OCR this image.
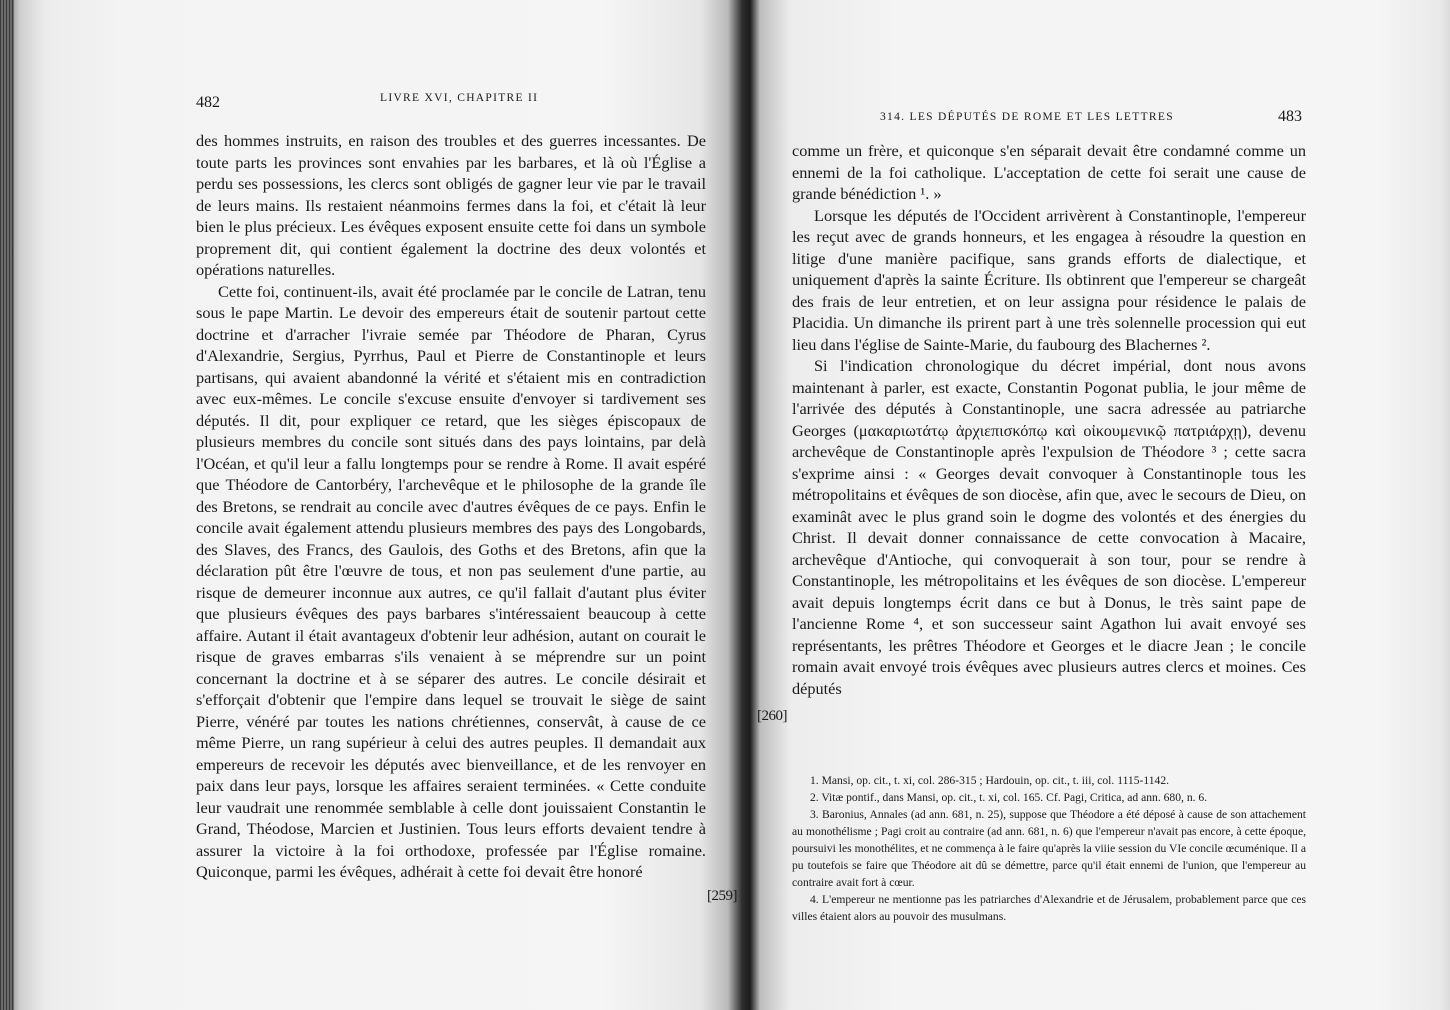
482	LIVRE XVI, CHAPITRE II

des hommes instruits, en raison des troubles et des guerres incessantes. De toute parts les provinces sont envahies par les barbares, et là où l'Église a perdu ses possessions, les clercs sont obligés de gagner leur vie par le travail de leurs mains. Ils restaient néanmoins fermes dans la foi, et c'était là leur bien le plus précieux. Les évêques exposent ensuite cette foi dans un symbole proprement dit, qui contient également la doctrine des deux volontés et opérations naturelles.

Cette foi, continuent-ils, avait été proclamée par le concile de Latran, tenu sous le pape Martin. Le devoir des empereurs était de soutenir partout cette doctrine et d'arracher l'ivraie semée par Théodore de Pharan, Cyrus d'Alexandrie, Sergius, Pyrrhus, Paul et Pierre de Constantinople et leurs partisans, qui avaient abandonné la vérité et s'étaient mis en contradiction avec eux-mêmes. Le concile s'excuse ensuite d'envoyer si tardivement ses députés. Il dit, pour expliquer ce retard, que les sièges épiscopaux de plusieurs membres du concile sont situés dans des pays lointains, par delà l'Océan, et qu'il leur a fallu longtemps pour se rendre à Rome. Il avait espéré que Théodore de Cantorbéry, l'archevêque et le philosophe de la grande île des Bretons, se rendrait au concile avec d'autres évêques de ce pays. Enfin le concile avait également attendu plusieurs membres des pays des Longobards, des Slaves, des Francs, des Gaulois, des Goths et des Bretons, afin que la déclaration pût être l'œuvre de tous, et non pas seulement d'une partie, au risque de demeurer inconnue aux autres, ce qu'il fallait d'autant plus éviter que plusieurs évêques des pays barbares s'intéressaient beaucoup à cette affaire. Autant il était avantageux d'obtenir leur adhésion, autant on courait le risque de graves embarras s'ils venaient à se méprendre sur un point concernant la doctrine et à se séparer des autres. Le concile désirait et s'efforçait d'obtenir que l'empire dans lequel se trouvait le siège de saint Pierre, vénéré par toutes les nations chrétiennes, conservât, à cause de ce même Pierre, un rang supérieur à celui des autres peuples. Il demandait aux empereurs de recevoir les députés avec bienveillance, et de les renvoyer en paix dans leur pays, lorsque les affaires seraient terminées. « Cette conduite leur vaudrait une renommée semblable à celle dont jouissaient Constantin le Grand, Théodose, Marcien et Justinien. Tous leurs efforts devaient tendre à assurer la victoire à la foi orthodoxe, professée par l'Église romaine. Quiconque, parmi les évêques, adhérait à cette foi devait être honoré

[259]
314. LES DÉPUTÉS DE ROME ET LES LETTRES	483

comme un frère, et quiconque s'en séparait devait être condamné comme un ennemi de la foi catholique. L'acceptation de cette foi serait une cause de grande bénédiction ¹. »

Lorsque les députés de l'Occident arrivèrent à Constantinople, l'empereur les reçut avec de grands honneurs, et les engagea à résoudre la question en litige d'une manière pacifique, sans grands efforts de dialectique, et uniquement d'après la sainte Écriture. Ils obtinrent que l'empereur se chargeât des frais de leur entretien, et on leur assigna pour résidence le palais de Placidia. Un dimanche ils prirent part à une très solennelle procession qui eut lieu dans l'église de Sainte-Marie, du faubourg des Blachernes ².

Si l'indication chronologique du décret impérial, dont nous avons maintenant à parler, est exacte, Constantin Pogonat publia, le jour même de l'arrivée des députés à Constantinople, une sacra adressée au patriarche Georges (μακαριωτάτῳ ἀρχιεπισκόπῳ καὶ οἰκουμενικῷ πατριάρχῃ), devenu archevêque de Constantinople après l'expulsion de Théodore ³ ; cette sacra s'exprime ainsi : « Georges devait convoquer à Constantinople tous les métropolitains et évêques de son diocèse, afin que, avec le secours de Dieu, on examinât avec le plus grand soin le dogme des volontés et des énergies du Christ. Il devait donner connaissance de cette convocation à Macaire, archevêque d'Antioche, qui convoquerait à son tour, pour se rendre à Constantinople, les métropolitains et les évêques de son diocèse. L'empereur avait depuis longtemps écrit dans ce but à Donus, le très saint pape de l'ancienne Rome ⁴, et son successeur saint Agathon lui avait envoyé ses représentants, les prêtres Théodore et Georges et le diacre Jean ; le concile romain avait envoyé trois évêques avec plusieurs autres clercs et moines. Ces députés

1. Mansi, op. cit., t. xi, col. 286-315 ; Hardouin, op. cit., t. iii, col. 1115-1142.

2. Vitæ pontif., dans Mansi, op. cit., t. xi, col. 165. Cf. Pagi, Critica, ad ann. 680, n. 6.

3. Baronius, Annales (ad ann. 681, n. 25), suppose que Théodore a été déposé à cause de son attachement au monothélisme ; Pagi croit au contraire (ad ann. 681, n. 6) que l'empereur n'avait pas encore, à cette époque, poursuivi les monothélites, et ne commença à le faire qu'après la viiie session du VIe concile œcuménique. Il a pu toutefois se faire que Théodore ait dû se démettre, parce qu'il était ennemi de l'union, que l'empereur au contraire avait fort à cœur.

4. L'empereur ne mentionne pas les patriarches d'Alexandrie et de Jérusalem, probablement parce que ces villes étaient alors au pouvoir des musulmans.

[260]
